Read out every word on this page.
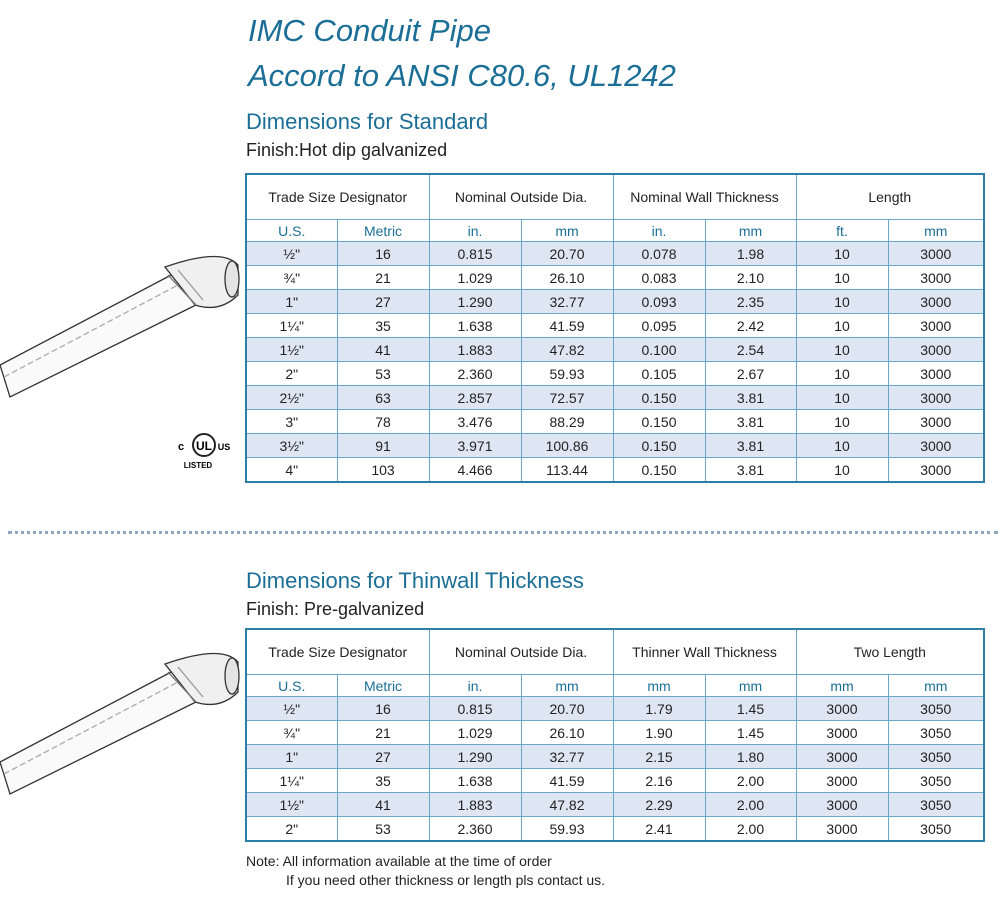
IMC Conduit Pipe
Accord to ANSI C80.6, UL1242
UL
c	US
LISTED
Dimensions for Standard
Finish:Hot dip galvanized
Trade Size Designator		Nominal Outside Dia.		Nominal Wall Thickness		Length	
U.S.	Metric	in.	mm	in.	mm	ft.	mm
½"	16	0.815	20.70	0.078	1.98	10	3000
¾"	21	1.029	26.10	0.083	2.10	10	3000
1"	27	1.290	32.77	0.093	2.35	10	3000
1¼"	35	1.638	41.59	0.095	2.42	10	3000
1½"	41	1.883	47.82	0.100	2.54	10	3000
2"	53	2.360	59.93	0.105	2.67	10	3000
2½"	63	2.857	72.57	0.150	3.81	10	3000
3"	78	3.476	88.29	0.150	3.81	10	3000
3½"	91	3.971	100.86	0.150	3.81	10	3000
4"	103	4.466	113.44	0.150	3.81	10	3000
Dimensions for Thinwall Thickness
Finish: Pre-galvanized
Trade Size Designator		Nominal Outside Dia.		Thinner Wall Thickness		Two Length	
U.S.	Metric	in.	mm	mm	mm	mm	mm
½"	16	0.815	20.70	1.79	1.45	3000	3050
¾"	21	1.029	26.10	1.90	1.45	3000	3050
1"	27	1.290	32.77	2.15	1.80	3000	3050
1¼"	35	1.638	41.59	2.16	2.00	3000	3050
1½"	41	1.883	47.82	2.29	2.00	3000	3050
2"	53	2.360	59.93	2.41	2.00	3000	3050
Note: All information available at the time of order
If you need other thickness or length pls contact us.
